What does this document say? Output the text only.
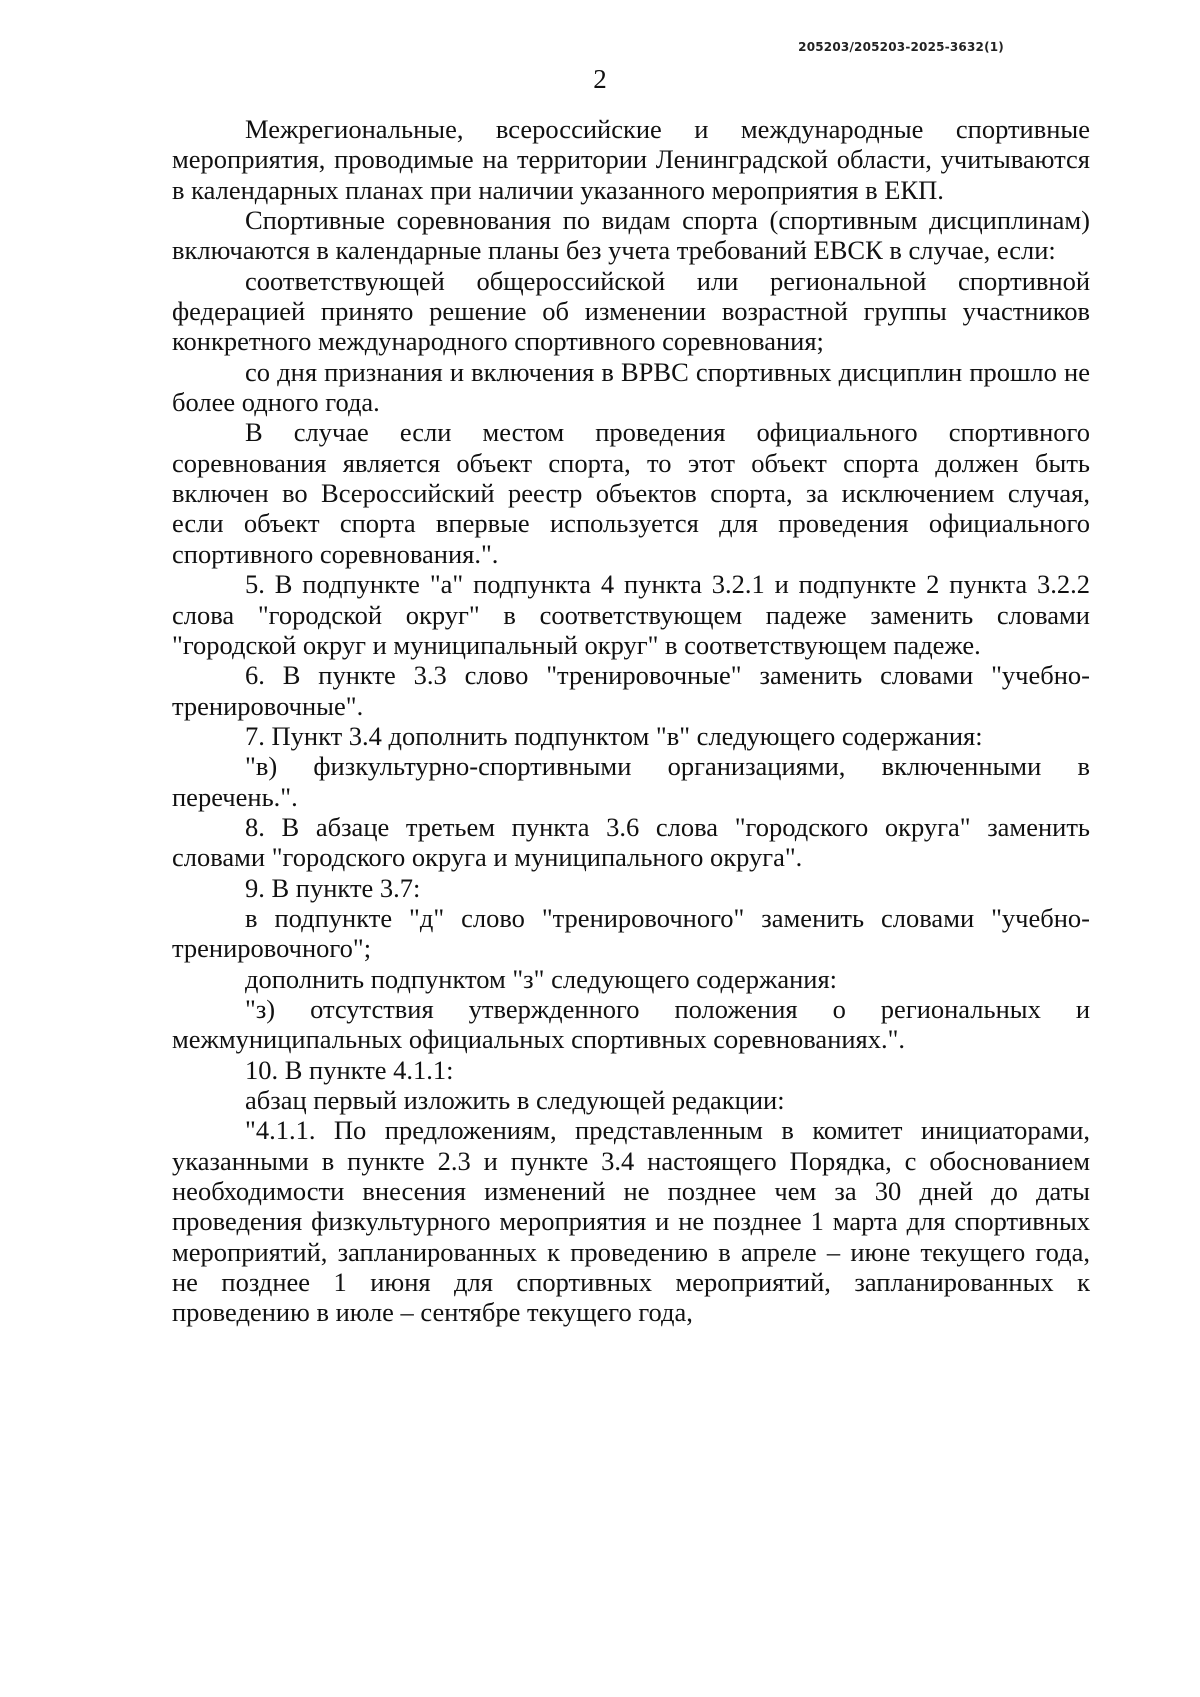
205203/205203-2025-3632(1)
2

Межрегиональные, всероссийские и международные спортивные мероприятия, проводимые на территории Ленинградской области, учитываются в календарных планах при наличии указанного мероприятия в ЕКП.

Спортивные соревнования по видам спорта (спортивным дисциплинам) включаются в календарные планы без учета требований ЕВСК в случае, если:

соответствующей общероссийской или региональной спортивной федерацией принято решение об изменении возрастной группы участников конкретного международного спортивного соревнования;

со дня признания и включения в ВРВС спортивных дисциплин прошло не более одного года.

В случае если местом проведения официального спортивного соревнования является объект спорта, то этот объект спорта должен быть включен во Всероссийский реестр объектов спорта, за исключением случая, если объект спорта впервые используется для проведения официального спортивного соревнования.".

5. В подпункте "а" подпункта 4 пункта 3.2.1 и подпункте 2 пункта 3.2.2 слова "городской округ" в соответствующем падеже заменить словами "городской округ и муниципальный округ" в соответствующем падеже.

6. В пункте 3.3 слово "тренировочные" заменить словами "учебно-тренировочные".

7. Пункт 3.4 дополнить подпунктом "в" следующего содержания:

"в) физкультурно-спортивными организациями, включенными в перечень.".

8. В абзаце третьем пункта 3.6 слова "городского округа" заменить словами "городского округа и муниципального округа".

9. В пункте 3.7:

в подпункте "д" слово "тренировочного" заменить словами "учебно-тренировочного";

дополнить подпунктом "з" следующего содержания:

"з) отсутствия утвержденного положения о региональных и межмуниципальных официальных спортивных соревнованиях.".

10. В пункте 4.1.1:

абзац первый изложить в следующей редакции:

"4.1.1. По предложениям, представленным в комитет инициаторами, указанными в пункте 2.3 и пункте 3.4 настоящего Порядка, с обоснованием необходимости внесения изменений не позднее чем за 30 дней до даты проведения физкультурного мероприятия и не позднее 1 марта для спортивных мероприятий, запланированных к проведению в апреле – июне текущего года, не позднее 1 июня для спортивных мероприятий, запланированных к проведению в июле – сентябре текущего года,
